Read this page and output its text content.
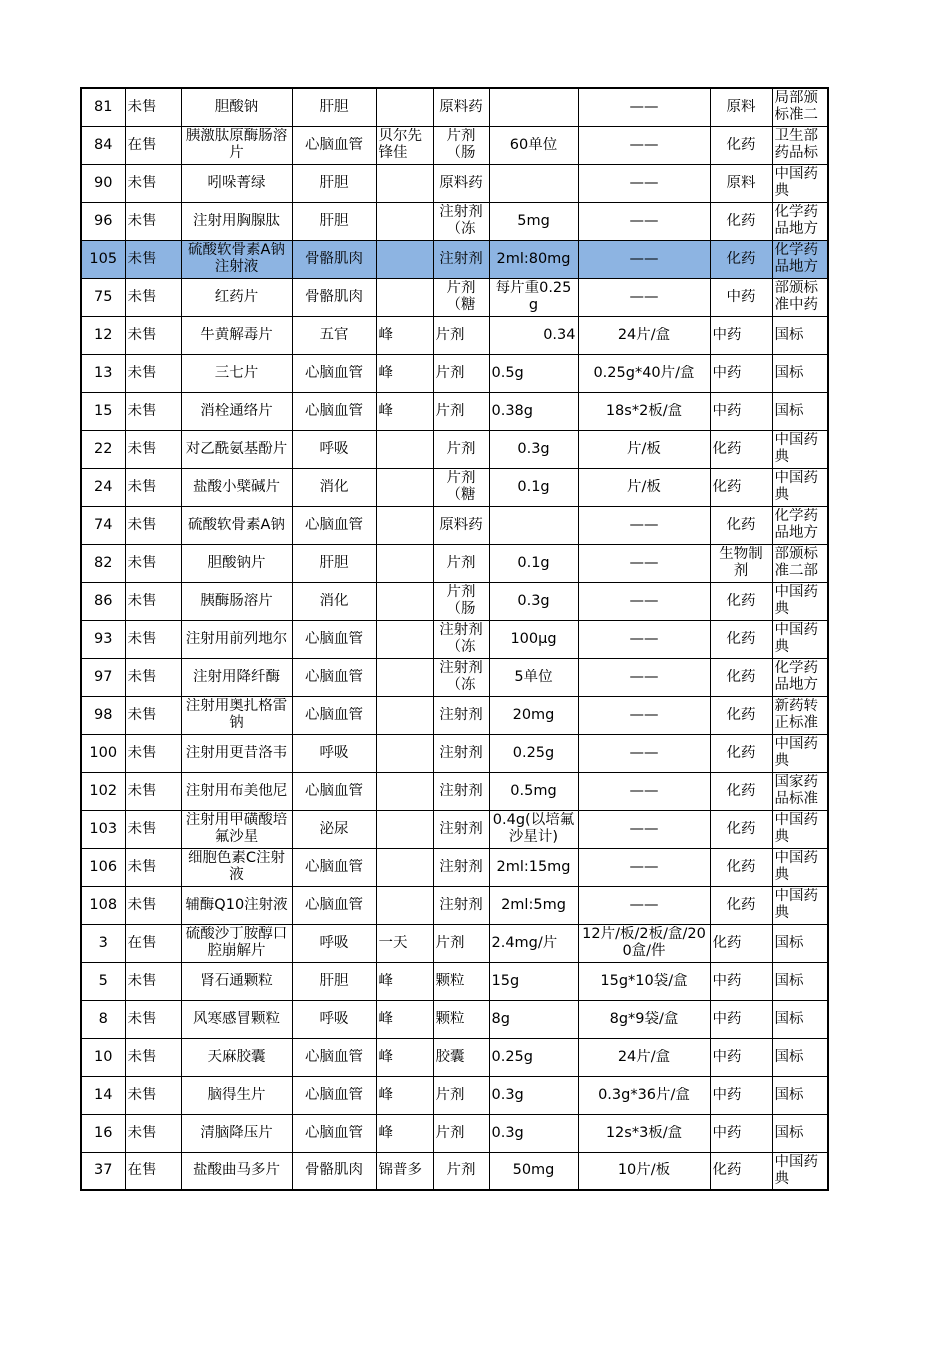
81	未售	胆酸钠	肝胆		原料药		——	原料	局部颁标准二

84	在售	胰激肽原酶肠溶片	心脑血管	贝尔先锋佳	片剂（肠	60单位	——	化药	卫生部药品标

90	未售	吲哚菁绿	肝胆		原料药		——	原料	中国药典

96	未售	注射用胸腺肽	肝胆		注射剂（冻	5mg	——	化药	化学药品地方

105	未售	硫酸软骨素A钠注射液	骨骼肌肉		注射剂	2ml:80mg	——	化药	化学药品地方

75	未售	红药片	骨骼肌肉		片剂（糖	每片重0.25g	——	中药	部颁标准中药

12	未售	牛黄解毒片	五官	峰	片剂	0.34	24片/盒	中药	国标

13	未售	三七片	心脑血管	峰	片剂	0.5g	0.25g*40片/盒	中药	国标

15	未售	消栓通络片	心脑血管	峰	片剂	0.38g	18s*2板/盒	中药	国标

22	未售	对乙酰氨基酚片	呼吸		片剂	0.3g	片/板	化药	中国药典

24	未售	盐酸小檗碱片	消化		片剂（糖	0.1g	片/板	化药	中国药典

74	未售	硫酸软骨素A钠	心脑血管		原料药		——	化药	化学药品地方

82	未售	胆酸钠片	肝胆		片剂	0.1g	——	生物制剂	部颁标准二部

86	未售	胰酶肠溶片	消化		片剂（肠	0.3g	——	化药	中国药典

93	未售	注射用前列地尔	心脑血管		注射剂（冻	100μg	——	化药	中国药典

97	未售	注射用降纤酶	心脑血管		注射剂（冻	5单位	——	化药	化学药品地方

98	未售	注射用奥扎格雷钠	心脑血管		注射剂	20mg	——	化药	新药转正标准

100	未售	注射用更昔洛韦	呼吸		注射剂	0.25g	——	化药	中国药典

102	未售	注射用布美他尼	心脑血管		注射剂	0.5mg	——	化药	国家药品标准

103	未售	注射用甲磺酸培氟沙星	泌尿		注射剂	0.4g(以培氟沙星计)	——	化药	中国药典

106	未售	细胞色素C注射液	心脑血管		注射剂	2ml:15mg	——	化药	中国药典

108	未售	辅酶Q10注射液	心脑血管		注射剂	2ml:5mg	——	化药	中国药典

3	在售	硫酸沙丁胺醇口腔崩解片	呼吸	一天	片剂	2.4mg/片	12片/板/2板/盒/200盒/件	化药	国标

5	未售	肾石通颗粒	肝胆	峰	颗粒	15g	15g*10袋/盒	中药	国标

8	未售	风寒感冒颗粒	呼吸	峰	颗粒	8g	8g*9袋/盒	中药	国标

10	未售	天麻胶囊	心脑血管	峰	胶囊	0.25g	24片/盒	中药	国标

14	未售	脑得生片	心脑血管	峰	片剂	0.3g	0.3g*36片/盒	中药	国标

16	未售	清脑降压片	心脑血管	峰	片剂	0.3g	12s*3板/盒	中药	国标

37	在售	盐酸曲马多片	骨骼肌肉	锦普多	片剂	50mg	10片/板	化药	中国药典
